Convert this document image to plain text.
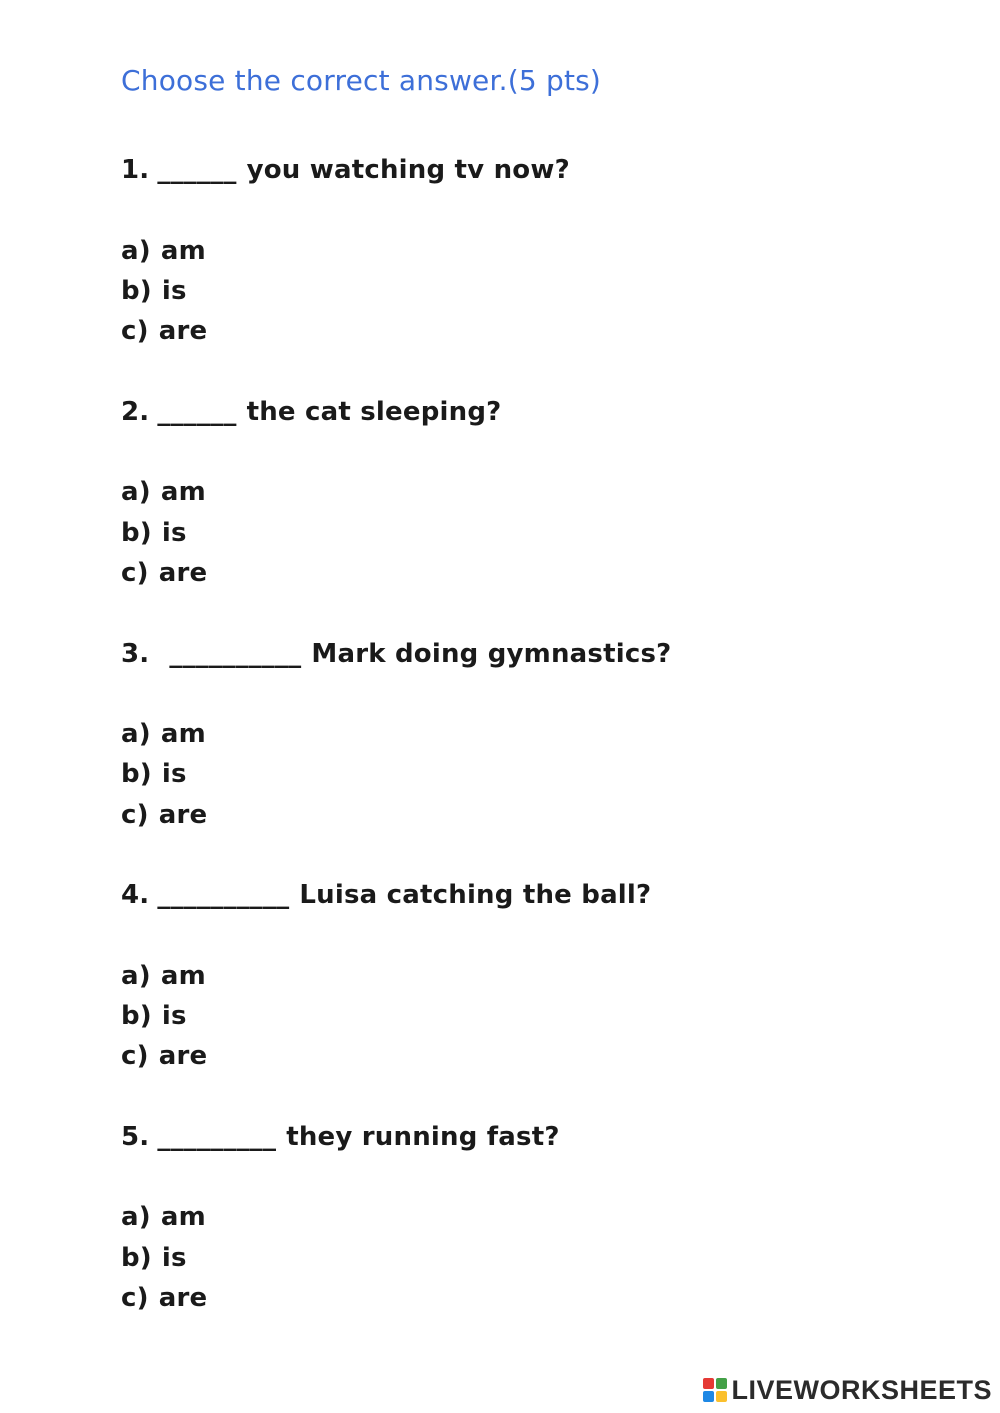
Choose the correct answer.(5 pts)
1. ______ you watching tv now?
a) am
b) is
c) are
2. ______ the cat sleeping?
a) am
b) is
c) are
3. __________ Mark doing gymnastics?
a) am
b) is
c) are
4. __________ Luisa catching the ball?
a) am
b) is
c) are
5. _________ they running fast?
a) am
b) is
c) are
LIVEWORKSHEETS
